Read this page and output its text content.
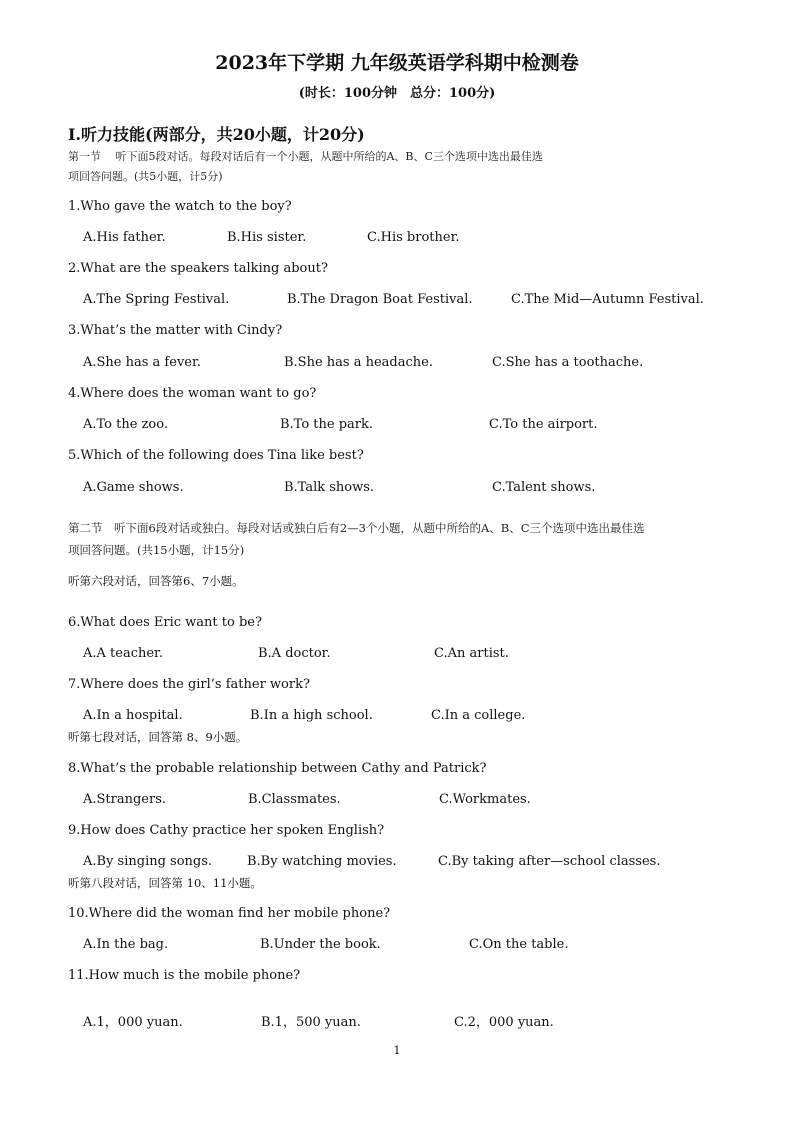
2023年下学期 九年级英语学科期中检测卷
(时长：100分钟　总分：100分)
Ⅰ.听力技能(两部分，共20小题，计20分)
第一节　 听下面5段对话。每段对话后有一个小题，从题中所给的A、B、C三个选项中选出最佳选
项回答问题。(共5小题，计5分)
1.Who gave the watch to the boy?
A.His father.	B.His sister.	C.His brother.
2.What are the speakers talking about?
A.The Spring Festival.	B.The Dragon Boat Festival.	C.The Mid—Autumn Festival.
3.What’s the matter with Cindy?
A.She has a fever.	B.She has a headache.	C.She has a toothache.
4.Where does the woman want to go?
A.To the zoo.	B.To the park.	C.To the airport.
5.Which of the following does Tina like best?
A.Game shows.	B.Talk shows.	C.Talent shows.
第二节　听下面6段对话或独白。每段对话或独白后有2—3个小题，从题中所给的A、B、C三个选项中选出最佳选
项回答问题。(共15小题，计15分)
听第六段对话，回答第6、7小题。
6.What does Eric want to be?
A.A teacher.	B.A doctor.	C.An artist.
7.Where does the girl’s father work?
A.In a hospital.	B.In a high school.	C.In a college.
听第七段对话，回答第 8、9小题。
8.What’s the probable relationship between Cathy and Patrick?
A.Strangers.	B.Classmates.	C.Workmates.
9.How does Cathy practice her spoken English?
A.By singing songs.	B.By watching movies.	C.By taking after—school classes.
听第八段对话，回答第 10、11小题。
10.Where did the woman find her mobile phone?
A.In the bag.	B.Under the book.	C.On the table.
11.How much is the mobile phone?
A.1，000 yuan.	B.1，500 yuan.	C.2，000 yuan.
1
